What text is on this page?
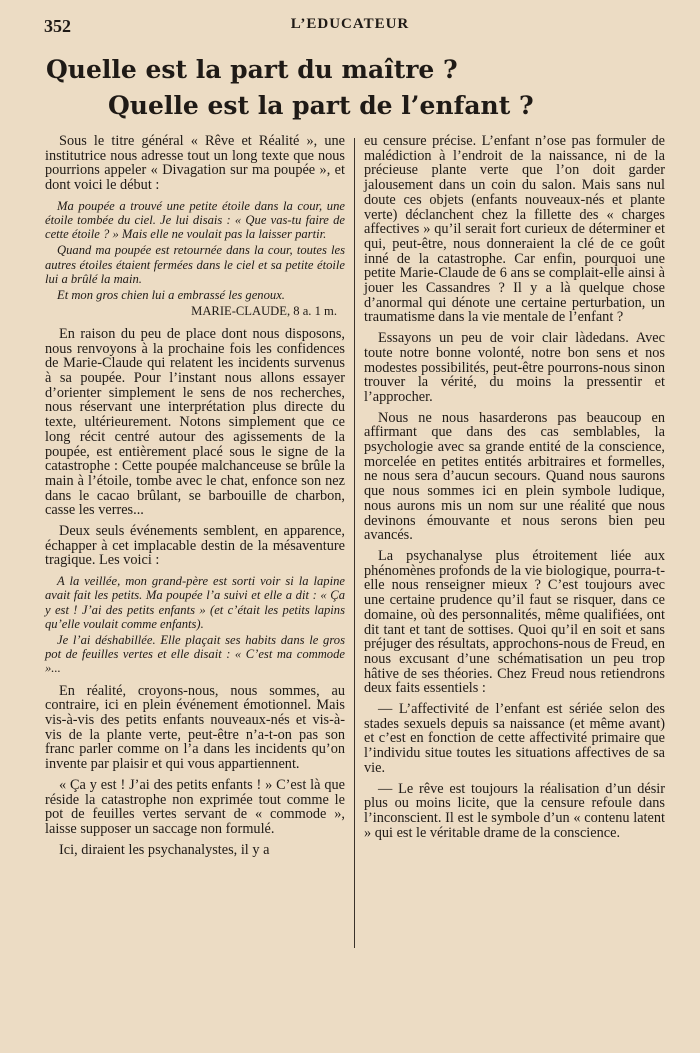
352	L’EDUCATEUR
Quelle est la part du maître ?
Quelle est la part de l’enfant ?

Sous le titre général « Rêve et Réalité », une institutrice nous adresse tout un long texte que nous pourrions appeler « Divagation sur ma poupée », et dont voici le début :

Ma poupée a trouvé une petite étoile dans la cour, une étoile tombée du ciel. Je lui disais : « Que vas-tu faire de cette étoile ? » Mais elle ne voulait pas la laisser partir.

Quand ma poupée est retournée dans la cour, toutes les autres étoiles étaient fermées dans le ciel et sa petite étoile lui a brûlé la main.

Et mon gros chien lui a embrassé les genoux.

MARIE-CLAUDE, 8 a. 1 m.

En raison du peu de place dont nous disposons, nous renvoyons à la prochaine fois les confidences de Marie-Claude qui relatent les incidents survenus à sa poupée. Pour l’instant nous allons essayer d’orienter simplement le sens de nos recherches, nous réservant une interprétation plus directe du texte, ultérieurement. Notons simplement que ce long récit centré autour des agissements de la poupée, est entièrement placé sous le signe de la catastrophe : Cette poupée malchanceuse se brûle la main à l’étoile, tombe avec le chat, enfonce son nez dans le cacao brûlant, se barbouille de charbon, casse les verres...

Deux seuls événements semblent, en apparence, échapper à cet implacable destin de la mésaventure tragique. Les voici :

A la veillée, mon grand-père est sorti voir si la lapine avait fait les petits. Ma poupée l’a suivi et elle a dit : « Ça y est ! J’ai des petits enfants » (et c’était les petits lapins qu’elle voulait comme enfants).

Je l’ai déshabillée. Elle plaçait ses habits dans le gros pot de feuilles vertes et elle disait : « C’est ma commode »...

En réalité, croyons-nous, nous sommes, au contraire, ici en plein événement émotionnel. Mais vis-à-vis des petits enfants nouveaux-nés et vis-à-vis de la plante verte, peut-être n’a-t-on pas son franc parler comme on l’a dans les incidents qu’on invente par plaisir et qui vous appartiennent.

« Ça y est ! J’ai des petits enfants ! » C’est là que réside la catastrophe non exprimée tout comme le pot de feuilles vertes servant de « commode », laisse supposer un saccage non formulé.

Ici, diraient les psychanalystes, il y a

eu censure précise. L’enfant n’ose pas formuler de malédiction à l’endroit de la naissance, ni de la précieuse plante verte que l’on doit garder jalousement dans un coin du salon. Mais sans nul doute ces objets (enfants nouveaux-nés et plante verte) déclanchent chez la fillette des « charges affectives » qu’il serait fort curieux de déterminer et qui, peut-être, nous donneraient la clé de ce goût inné de la catastrophe. Car enfin, pourquoi une petite Marie-Claude de 6 ans se complait-elle ainsi à jouer les Cassandres ? Il y a là quelque chose d’anormal qui dénote une certaine perturbation, un traumatisme dans la vie mentale de l’enfant ?

Essayons un peu de voir clair làdedans. Avec toute notre bonne volonté, notre bon sens et nos modestes possibilités, peut-être pourrons-nous sinon trouver la vérité, du moins la pressentir et l’approcher.

Nous ne nous hasarderons pas beaucoup en affirmant que dans des cas semblables, la psychologie avec sa grande entité de la conscience, morcelée en petites entités arbitraires et formelles, ne nous sera d’aucun secours. Quand nous saurons que nous sommes ici en plein symbole ludique, nous aurons mis un nom sur une réalité que nous devinons émouvante et nous serons bien peu avancés.

La psychanalyse plus étroitement liée aux phénomènes profonds de la vie biologique, pourra-t-elle nous renseigner mieux ? C’est toujours avec une certaine prudence qu’il faut se risquer, dans ce domaine, où des personnalités, même qualifiées, ont dit tant et tant de sottises. Quoi qu’il en soit et sans préjuger des résultats, approchons-nous de Freud, en nous excusant d’une schématisation un peu trop hâtive de ses théories. Chez Freud nous retiendrons deux faits essentiels :

— L’affectivité de l’enfant est sériée selon des stades sexuels depuis sa naissance (et même avant) et c’est en fonction de cette affectivité primaire que l’individu situe toutes les situations affectives de sa vie.

— Le rêve est toujours la réalisation d’un désir plus ou moins licite, que la censure refoule dans l’inconscient. Il est le symbole d’un « contenu latent » qui est le véritable drame de la conscience.
